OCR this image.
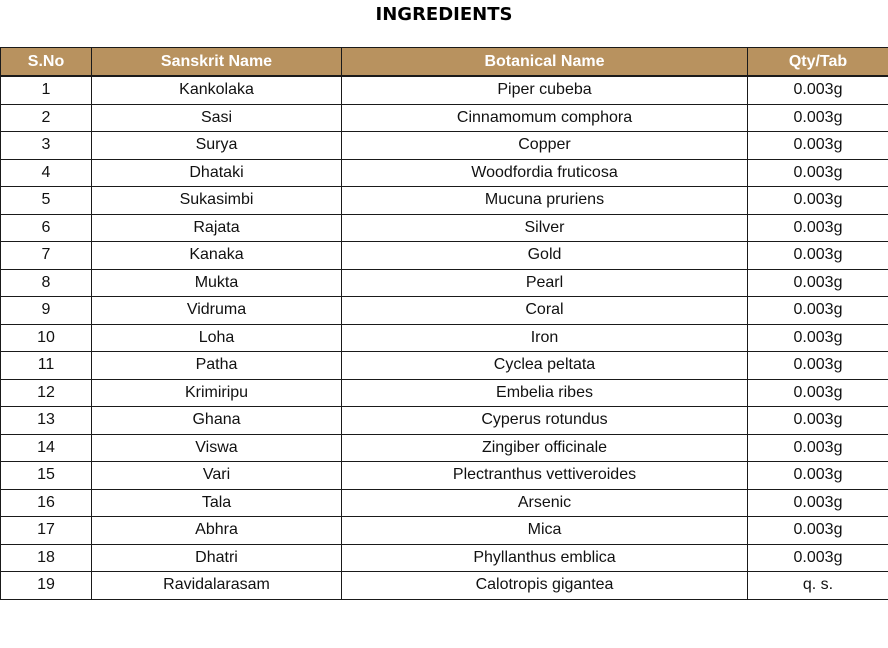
INGREDIENTS
S.No	Sanskrit Name	Botanical Name	Qty/Tab
1	Kankolaka	Piper cubeba	0.003g
2	Sasi	Cinnamomum comphora	0.003g
3	Surya	Copper	0.003g
4	Dhataki	Woodfordia fruticosa	0.003g
5	Sukasimbi	Mucuna pruriens	0.003g
6	Rajata	Silver	0.003g
7	Kanaka	Gold	0.003g
8	Mukta	Pearl	0.003g
9	Vidruma	Coral	0.003g
10	Loha	Iron	0.003g
11	Patha	Cyclea peltata	0.003g
12	Krimiripu	Embelia ribes	0.003g
13	Ghana	Cyperus rotundus	0.003g
14	Viswa	Zingiber officinale	0.003g
15	Vari	Plectranthus vettiveroides	0.003g
16	Tala	Arsenic	0.003g
17	Abhra	Mica	0.003g
18	Dhatri	Phyllanthus emblica	0.003g
19	Ravidalarasam	Calotropis gigantea	q. s.
